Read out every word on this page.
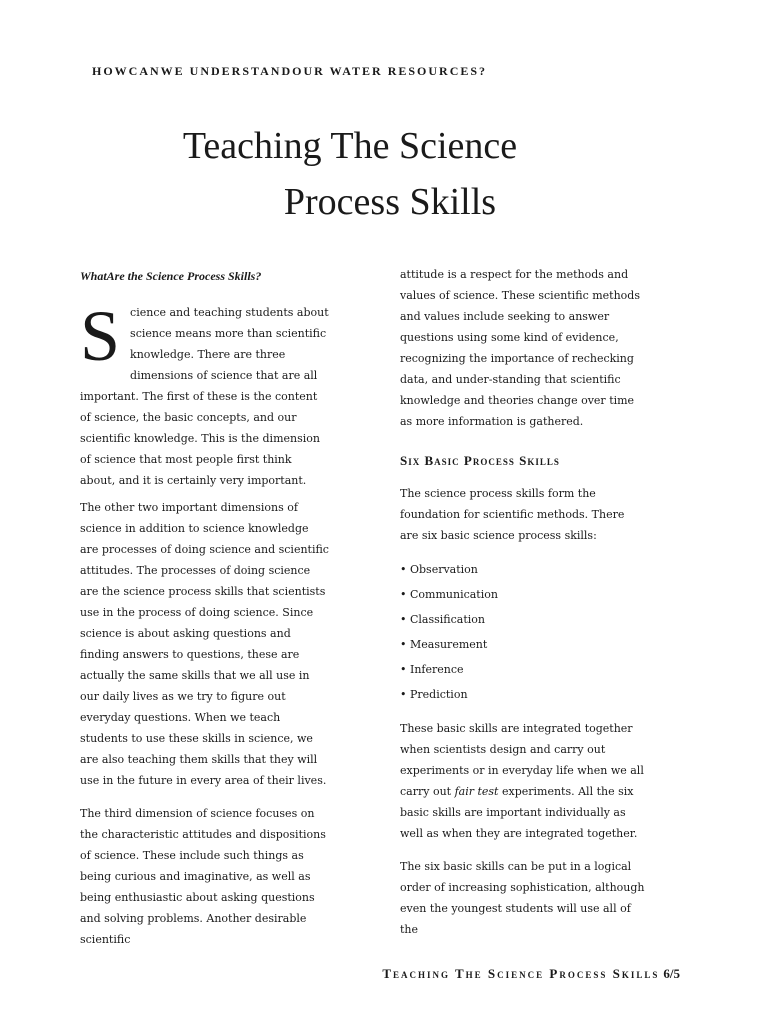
HOWCANWE UNDERSTANDOUR WATER RESOURCES?
Teaching The Science
Process Skills
WhatAre the Science Process Skills?
S cience and teaching students about science means more than scientific knowledge. There are three dimensions of science that are all important. The first of these is the content of science, the basic concepts, and our scientific knowledge. This is the dimension of science that most people first think about, and it is certainly very important.

The other two important dimensions of science in addition to science knowledge are processes of doing science and scientific attitudes. The processes of doing science are the science process skills that scientists use in the process of doing science. Since science is about asking questions and finding answers to questions, these are actually the same skills that we all use in our daily lives as we try to figure out everyday questions. When we teach students to use these skills in science, we are also teaching them skills that they will use in the future in every area of their lives.

The third dimension of science focuses on the characteristic attitudes and dispositions of science. These include such things as being curious and imaginative, as well as being enthusiastic about asking questions and solving problems. Another desirable scientific

attitude is a respect for the methods and values of science. These scientific methods and values include seeking to answer questions using some kind of evidence, recognizing the importance of rechecking data, and under-standing that scientific knowledge and theories change over time as more information is gathered.

Six Basic Process Skills

The science process skills form the foundation for scientific methods. There are six basic science process skills:

• Observation
• Communication
• Classification
• Measurement
• Inference
• Prediction

These basic skills are integrated together when scientists design and carry out experiments or in everyday life when we all carry out fair test experiments. All the six basic skills are important individually as well as when they are integrated together.

The six basic skills can be put in a logical order of increasing sophistication, although even the youngest students will use all of the

Teaching The Science Process Skills 6/5
